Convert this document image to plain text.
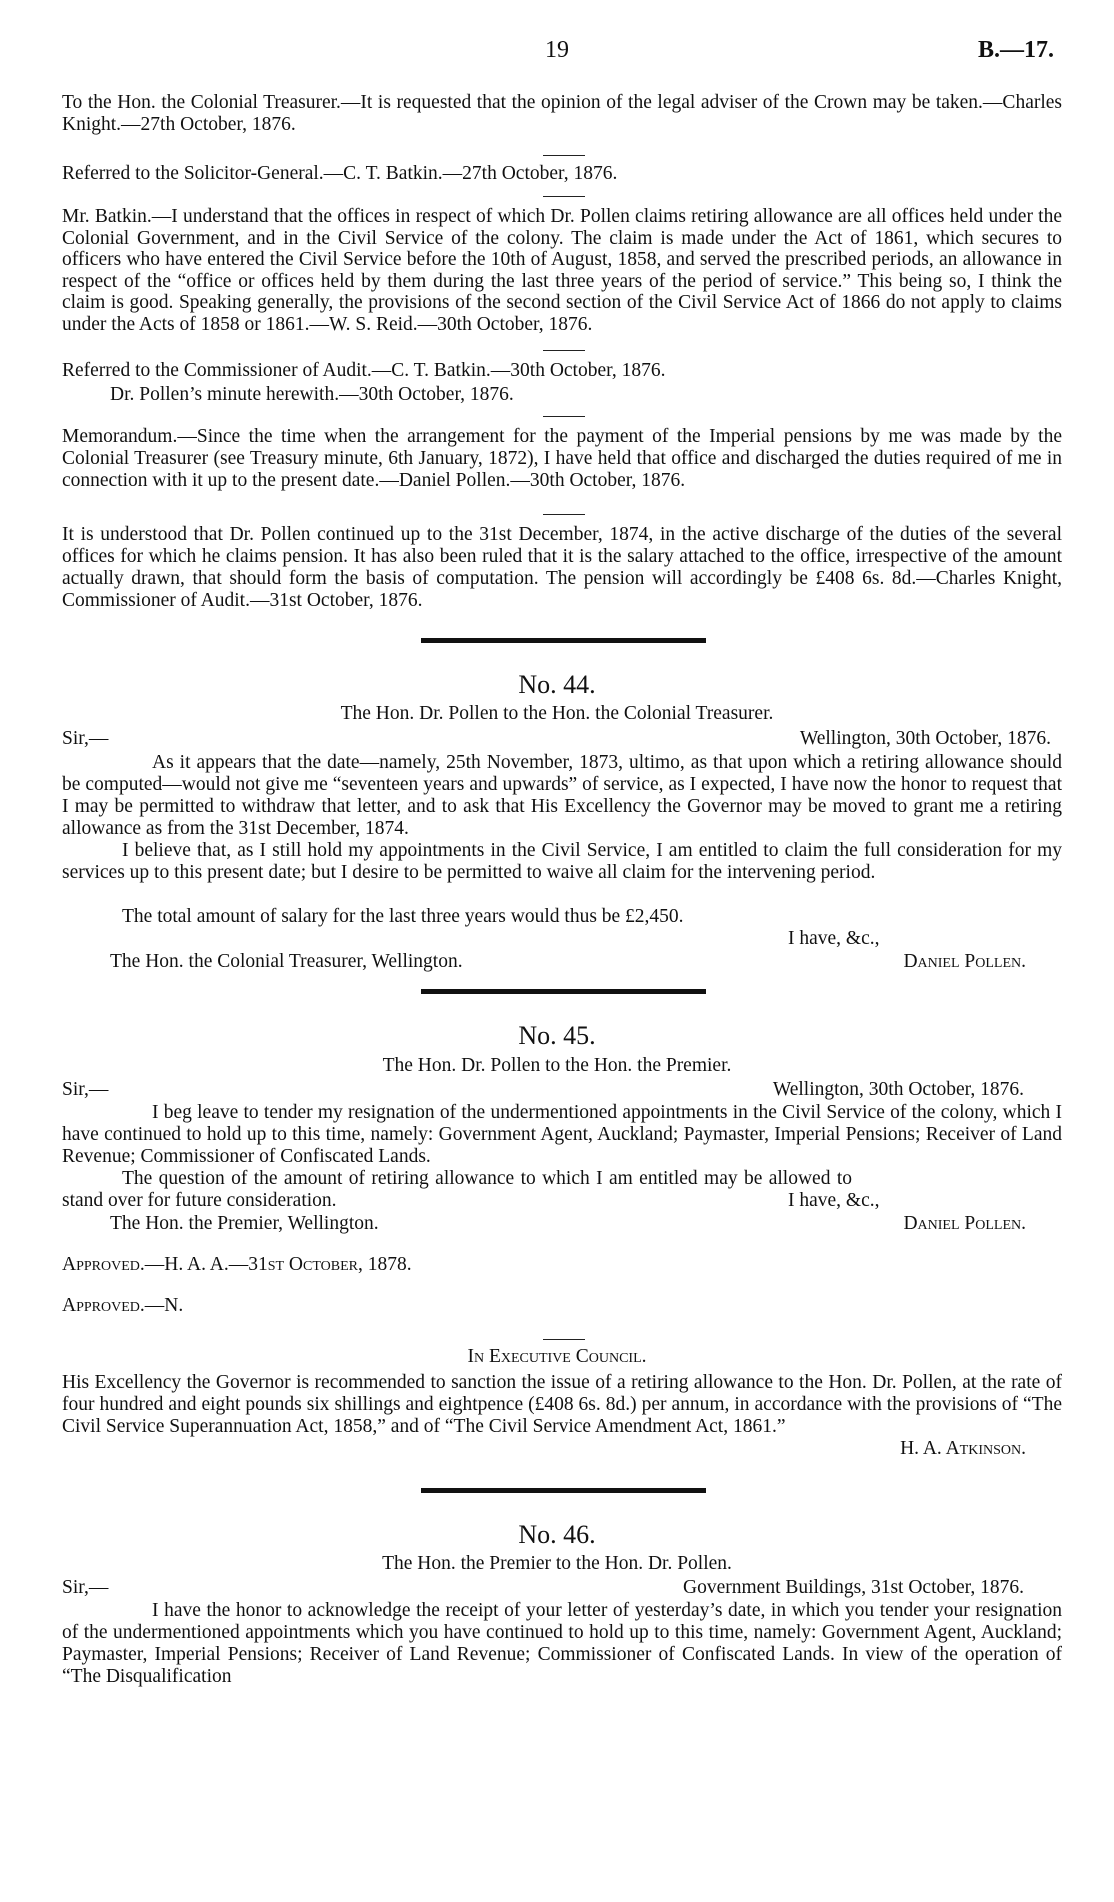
19	B.—17.

To the Hon. the Colonial Treasurer.—It is requested that the opinion of the legal adviser of the Crown may be taken.—Charles Knight.—27th October, 1876.

Referred to the Solicitor-General.—C. T. Batkin.—27th October, 1876.

Mr. Batkin.—I understand that the offices in respect of which Dr. Pollen claims retiring allowance are all offices held under the Colonial Government, and in the Civil Service of the colony. The claim is made under the Act of 1861, which secures to officers who have entered the Civil Service before the 10th of August, 1858, and served the prescribed periods, an allowance in respect of the “office or offices held by them during the last three years of the period of service.” This being so, I think the claim is good. Speaking generally, the provisions of the second section of the Civil Service Act of 1866 do not apply to claims under the Acts of 1858 or 1861.—W. S. Reid.—30th October, 1876.

Referred to the Commissioner of Audit.—C. T. Batkin.—30th October, 1876.

Dr. Pollen’s minute herewith.—30th October, 1876.

Memorandum.—Since the time when the arrangement for the payment of the Imperial pensions by me was made by the Colonial Treasurer (see Treasury minute, 6th January, 1872), I have held that office and discharged the duties required of me in connection with it up to the present date.—Daniel Pollen.—30th October, 1876.

It is understood that Dr. Pollen continued up to the 31st December, 1874, in the active discharge of the duties of the several offices for which he claims pension. It has also been ruled that it is the salary attached to the office, irrespective of the amount actually drawn, that should form the basis of computation. The pension will accordingly be £408 6s. 8d.—Charles Knight, Commissioner of Audit.—31st October, 1876.

No. 44.
The Hon. Dr. Pollen to the Hon. the Colonial Treasurer.
Sir,—	Wellington, 30th October, 1876.

As it appears that the date—namely, 25th November, 1873, ultimo, as that upon which a retiring allowance should be computed—would not give me “seventeen years and upwards” of service, as I expected, I have now the honor to request that I may be permitted to withdraw that letter, and to ask that His Excellency the Governor may be moved to grant me a retiring allowance as from the 31st December, 1874.

I believe that, as I still hold my appointments in the Civil Service, I am entitled to claim the full consideration for my services up to this present date; but I desire to be permitted to waive all claim for the intervening period.

The total amount of salary for the last three years would thus be £2,450.

I have, &c.,
The Hon. the Colonial Treasurer, Wellington.	Daniel Pollen.
No. 45.
The Hon. Dr. Pollen to the Hon. the Premier.
Sir,—	Wellington, 30th October, 1876.

I beg leave to tender my resignation of the undermentioned appointments in the Civil Service of the colony, which I have continued to hold up to this time, namely: Government Agent, Auckland; Paymaster, Imperial Pensions; Receiver of Land Revenue; Commissioner of Confiscated Lands.

The question of the amount of retiring allowance to which I am entitled may be allowed to stand over for future consideration.	I have, &c.,
The Hon. the Premier, Wellington.	Daniel Pollen.

Approved.—H. A. A.—31st October, 1878.

Approved.—N.

In Executive Council.

His Excellency the Governor is recommended to sanction the issue of a retiring allowance to the Hon. Dr. Pollen, at the rate of four hundred and eight pounds six shillings and eightpence (£408 6s. 8d.) per annum, in accordance with the provisions of “The Civil Service Superannuation Act, 1858,” and of “The Civil Service Amendment Act, 1861.”

H. A. Atkinson.
No. 46.
The Hon. the Premier to the Hon. Dr. Pollen.
Sir,—	Government Buildings, 31st October, 1876.

I have the honor to acknowledge the receipt of your letter of yesterday’s date, in which you tender your resignation of the undermentioned appointments which you have continued to hold up to this time, namely: Government Agent, Auckland; Paymaster, Imperial Pensions; Receiver of Land Revenue; Commissioner of Confiscated Lands. In view of the operation of “The Disqualification
